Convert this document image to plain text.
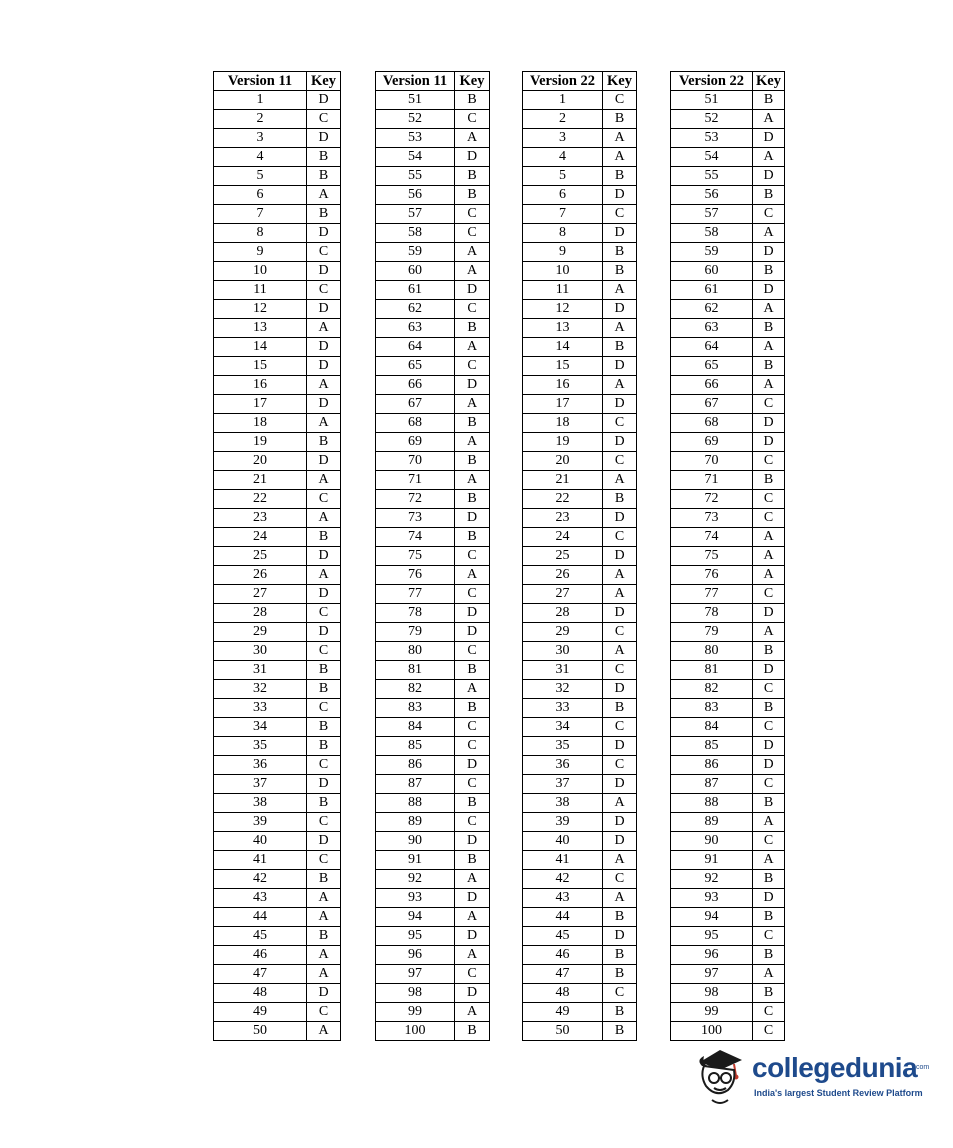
Version 11	Key
1	D
2	C
3	D
4	B
5	B
6	A
7	B
8	D
9	C
10	D
11	C
12	D
13	A
14	D
15	D
16	A
17	D
18	A
19	B
20	D
21	A
22	C
23	A
24	B
25	D
26	A
27	D
28	C
29	D
30	C
31	B
32	B
33	C
34	B
35	B
36	C
37	D
38	B
39	C
40	D
41	C
42	B
43	A
44	A
45	B
46	A
47	A
48	D
49	C
50	A
Version 11	Key
51	B
52	C
53	A
54	D
55	B
56	B
57	C
58	C
59	A
60	A
61	D
62	C
63	B
64	A
65	C
66	D
67	A
68	B
69	A
70	B
71	A
72	B
73	D
74	B
75	C
76	A
77	C
78	D
79	D
80	C
81	B
82	A
83	B
84	C
85	C
86	D
87	C
88	B
89	C
90	D
91	B
92	A
93	D
94	A
95	D
96	A
97	C
98	D
99	A
100	B
Version 22	Key
1	C
2	B
3	A
4	A
5	B
6	D
7	C
8	D
9	B
10	B
11	A
12	D
13	A
14	B
15	D
16	A
17	D
18	C
19	D
20	C
21	A
22	B
23	D
24	C
25	D
26	A
27	A
28	D
29	C
30	A
31	C
32	D
33	B
34	C
35	D
36	C
37	D
38	A
39	D
40	D
41	A
42	C
43	A
44	B
45	D
46	B
47	B
48	C
49	B
50	B
Version 22	Key
51	B
52	A
53	D
54	A
55	D
56	B
57	C
58	A
59	D
60	B
61	D
62	A
63	B
64	A
65	B
66	A
67	C
68	D
69	D
70	C
71	B
72	C
73	C
74	A
75	A
76	A
77	C
78	D
79	A
80	B
81	D
82	C
83	B
84	C
85	D
86	D
87	C
88	B
89	A
90	C
91	A
92	B
93	D
94	B
95	C
96	B
97	A
98	B
99	C
100	C
collegedunia
.com
India's largest Student Review Platform
